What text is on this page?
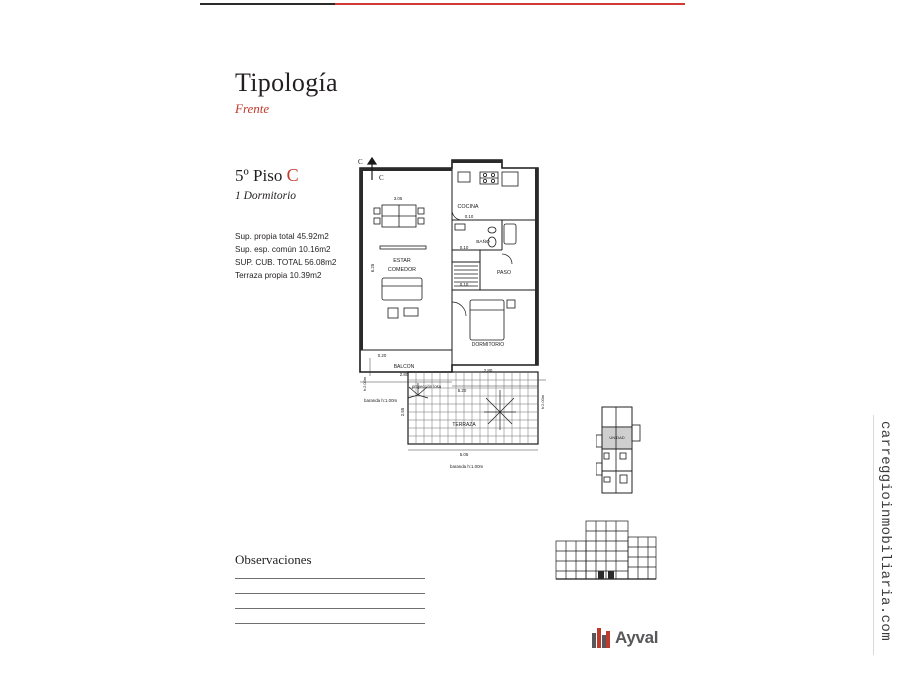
Tipología
Frente
5º Piso C
1 Dormitorio
Sup. propia total 45.92m2
Sup. esp. común 10.16m2
SUP. CUB. TOTAL 56.08m2
Terraza propia 10.39m2
COCINA
BAÑO
PASO
ESTAR
COMEDOR
DORMITORIO
BALCON
TERRAZA
3.05
0.10
0.10
0.10
6.25
0.20
2.80
2.80
5.20
2.55
5.05
h:2.00m
h:2.00m
proyección losa
baranda h:1.00m
baranda h:1.00m
C
C
UNIDAD
Observaciones
Ayval	carreggioinmobiliaria.com
